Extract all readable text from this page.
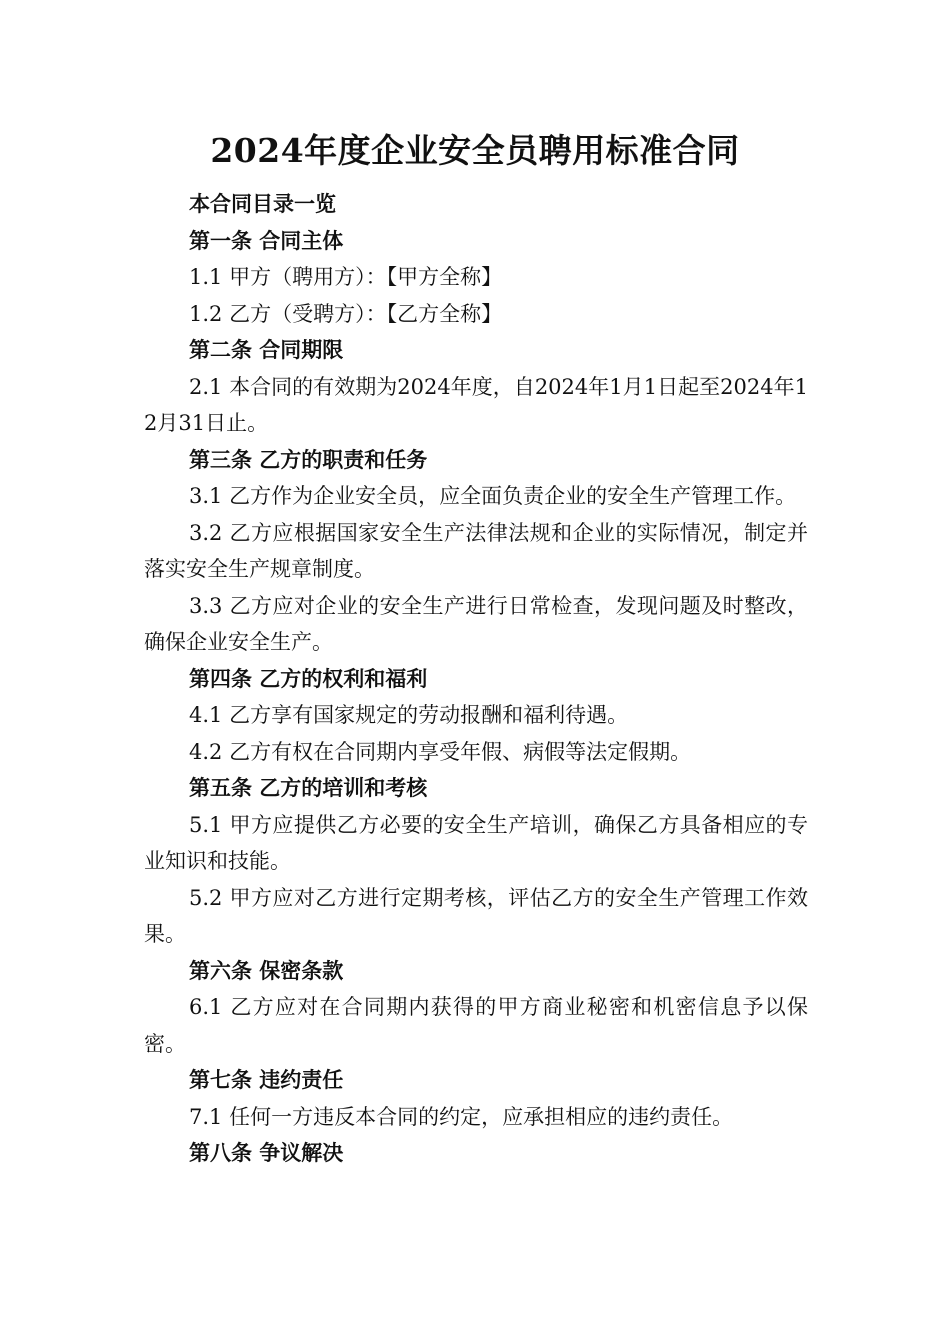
2024年度企业安全员聘用标准合同
本合同目录一览
第一条 合同主体
1.1 甲方（聘用方）：【甲方全称】
1.2 乙方（受聘方）：【乙方全称】
第二条 合同期限
2.1 本合同的有效期为2024年度，自2024年1月1日起至2024年12月31日止。
第三条 乙方的职责和任务
3.1 乙方作为企业安全员，应全面负责企业的安全生产管理工作。
3.2 乙方应根据国家安全生产法律法规和企业的实际情况，制定并落实安全生产规章制度。
3.3 乙方应对企业的安全生产进行日常检查，发现问题及时整改，确保企业安全生产。
第四条 乙方的权利和福利
4.1 乙方享有国家规定的劳动报酬和福利待遇。
4.2 乙方有权在合同期内享受年假、病假等法定假期。
第五条 乙方的培训和考核
5.1 甲方应提供乙方必要的安全生产培训，确保乙方具备相应的专业知识和技能。
5.2 甲方应对乙方进行定期考核，评估乙方的安全生产管理工作效果。
第六条 保密条款
6.1 乙方应对在合同期内获得的甲方商业秘密和机密信息予以保密。
第七条 违约责任
7.1 任何一方违反本合同的约定，应承担相应的违约责任。
第八条 争议解决
